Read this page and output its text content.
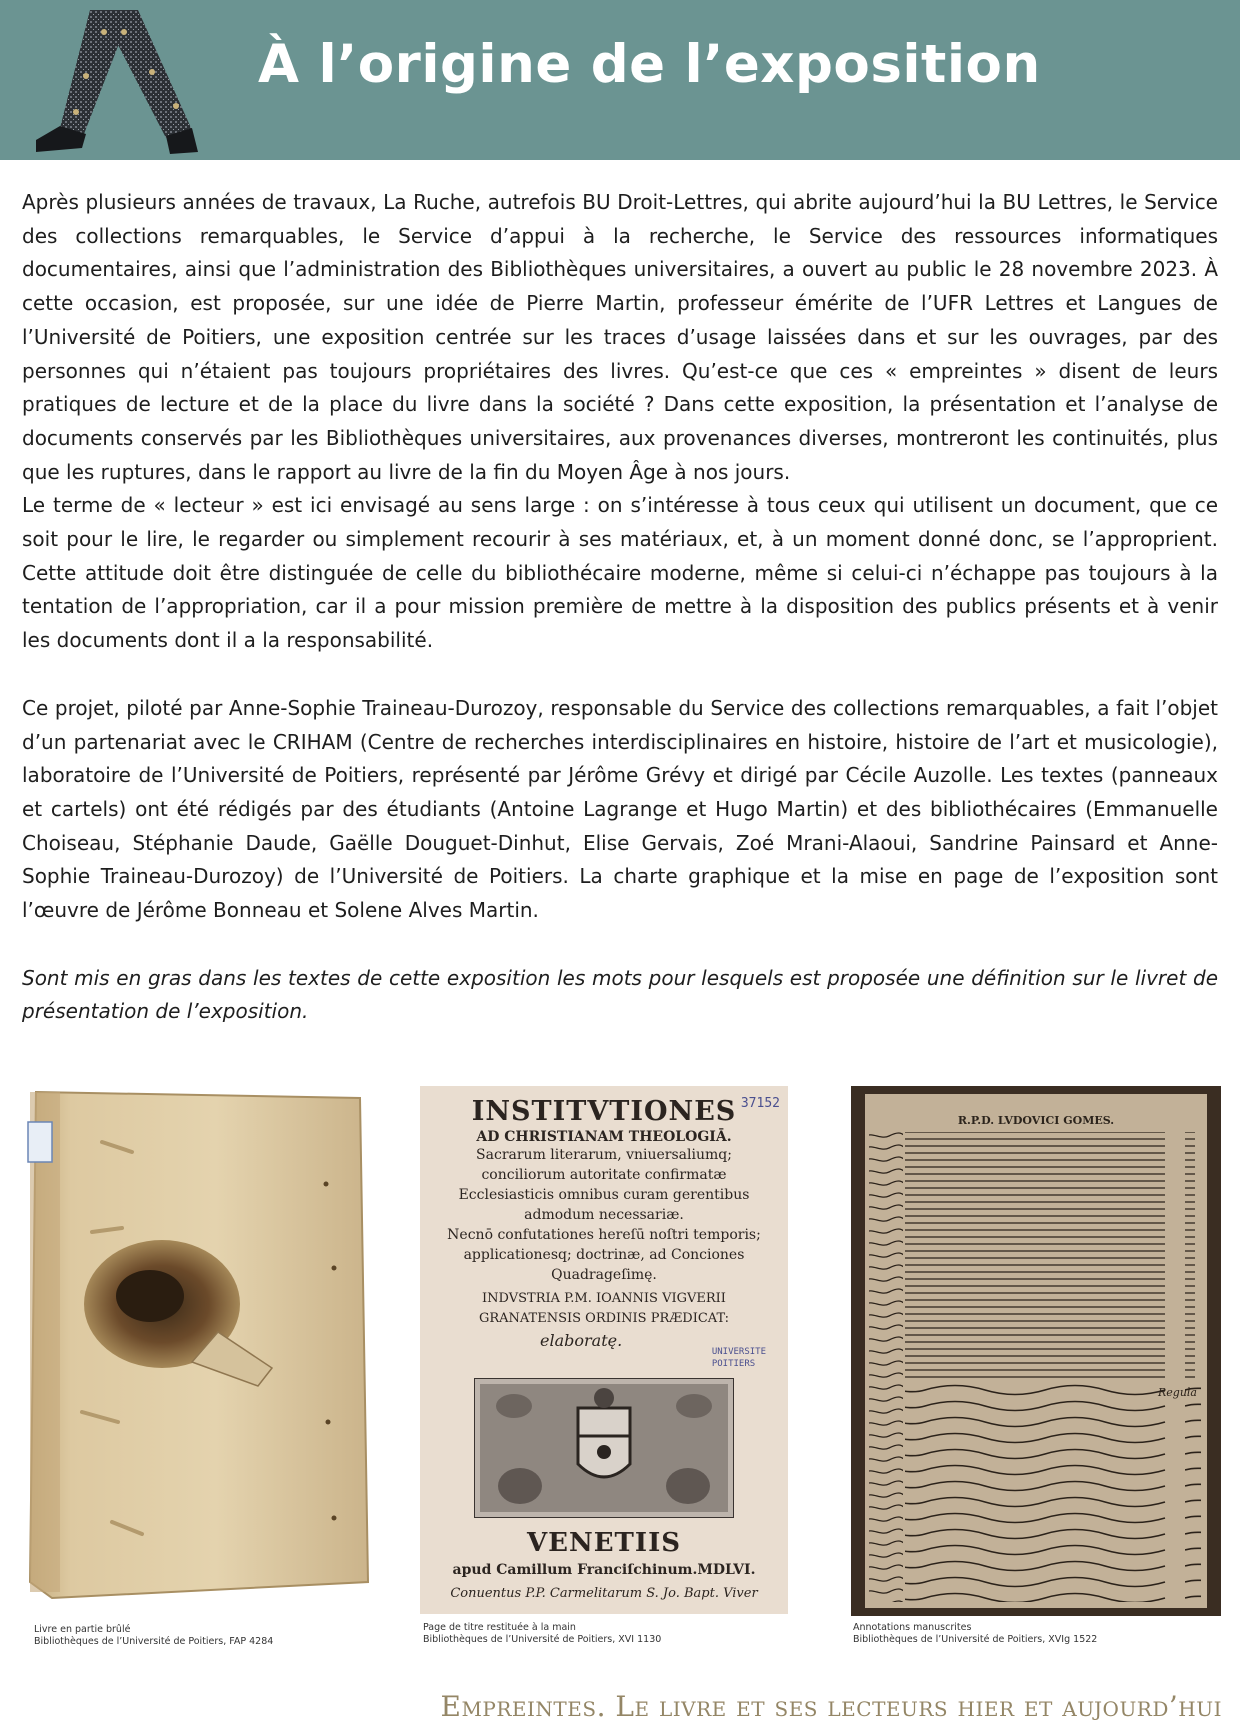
À l’origine de l’exposition

Après plusieurs années de travaux, La Ruche, autrefois BU Droit-Lettres, qui abrite aujourd’hui la BU Lettres, le Service des collections remarquables, le Service d’appui à la recherche, le Service des ressources informatiques documentaires, ainsi que l’administration des Bibliothèques universitaires, a ouvert au public le 28 novembre 2023. À cette occasion, est proposée, sur une idée de Pierre Martin, professeur émérite de l’UFR Lettres et Langues de l’Université de Poitiers, une exposition centrée sur les traces d’usage laissées dans et sur les ouvrages, par des personnes qui n’étaient pas toujours propriétaires des livres. Qu’est-ce que ces « empreintes » disent de leurs pratiques de lecture et de la place du livre dans la société ? Dans cette exposition, la présentation et l’analyse de documents conservés par les Bibliothèques universitaires, aux provenances diverses, montreront les continuités, plus que les ruptures, dans le rapport au livre de la fin du Moyen Âge à nos jours.

Le terme de « lecteur » est ici envisagé au sens large : on s’intéresse à tous ceux qui utilisent un document, que ce soit pour le lire, le regarder ou simplement recourir à ses matériaux, et, à un moment donné donc, se l’approprient. Cette attitude doit être distinguée de celle du bibliothécaire moderne, même si celui-ci n’échappe pas toujours à la tentation de l’appropriation, car il a pour mission première de mettre à la disposition des publics présents et à venir les documents dont il a la responsabilité.

Ce projet, piloté par Anne-Sophie Traineau-Durozoy, responsable du Service des collections remarquables, a fait l’objet d’un partenariat avec le CRIHAM (Centre de recherches interdisciplinaires en histoire, histoire de l’art et musicologie), laboratoire de l’Université de Poitiers, représenté par Jérôme Grévy et dirigé par Cécile Auzolle. Les textes (panneaux et cartels) ont été rédigés par des étudiants (Antoine Lagrange et Hugo Martin) et des bibliothécaires (Emmanuelle Choiseau, Stéphanie Daude, Gaëlle Douguet-Dinhut, Elise Gervais, Zoé Mrani-Alaoui, Sandrine Painsard et Anne-Sophie Traineau-Durozoy) de l’Université de Poitiers. La charte graphique et la mise en page de l’exposition sont l’œuvre de Jérôme Bonneau et Solene Alves Martin.

Sont mis en gras dans les textes de cette exposition les mots pour lesquels est proposée une définition sur le livret de présentation de l’exposition.

Livre en partie brûlé
Bibliothèques de l’Université de Poitiers, FAP 4284
37152
INSTITVTIONES
AD CHRISTIANAM THEOLOGIĀ.
Sacrarum literarum, vniuersaliumq;
conciliorum autoritate confirmatæ
Ecclesiasticis omnibus curam gerentibus
admodum necessariæ.
Necnō confutationes hereſū noſtri temporis;
applicationesq; doctrinæ, ad Conciones
Quadrageſimę.
INDVSTRIA P.M. IOANNIS VIGVERII
GRANATENSIS ORDINIS PRÆDICAT:
elaboratę.
UNIVERSITE
POITIERS
VENETIIS
apud Camillum Franciſchinum.MDLVI.
Conuentus P.P. Carmelitarum S. Jo. Bapt. Viver
Page de titre restituée à la main
Bibliothèques de l’Université de Poitiers, XVI 1130
R.P.D. LVDOVICI GOMES.
Regula
Annotations manuscrites
Bibliothèques de l’Université de Poitiers, XVIg 1522
Empreintes. Le livre et ses lecteurs hier et aujourd’hui
